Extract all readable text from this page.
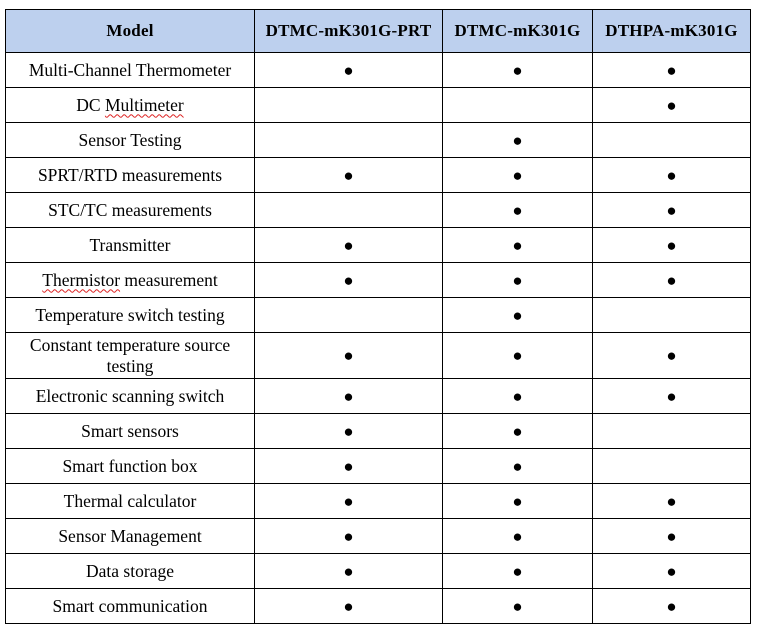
Model	DTMC-mK301G-PRT	DTMC-mK301G	DTHPA-mK301G
Multi-Channel Thermometer	●	●	●
DC Multimeter			●
Sensor Testing		●	
SPRT/RTD measurements	●	●	●
STC/TC measurements		●	●
Transmitter	●	●	●
Thermistor measurement	●	●	●
Temperature switch testing		●	
Constant temperature source testing	●	●	●
Electronic scanning switch	●	●	●
Smart sensors	●	●	
Smart function box	●	●	
Thermal calculator	●	●	●
Sensor Management	●	●	●
Data storage	●	●	●
Smart communication	●	●	●
